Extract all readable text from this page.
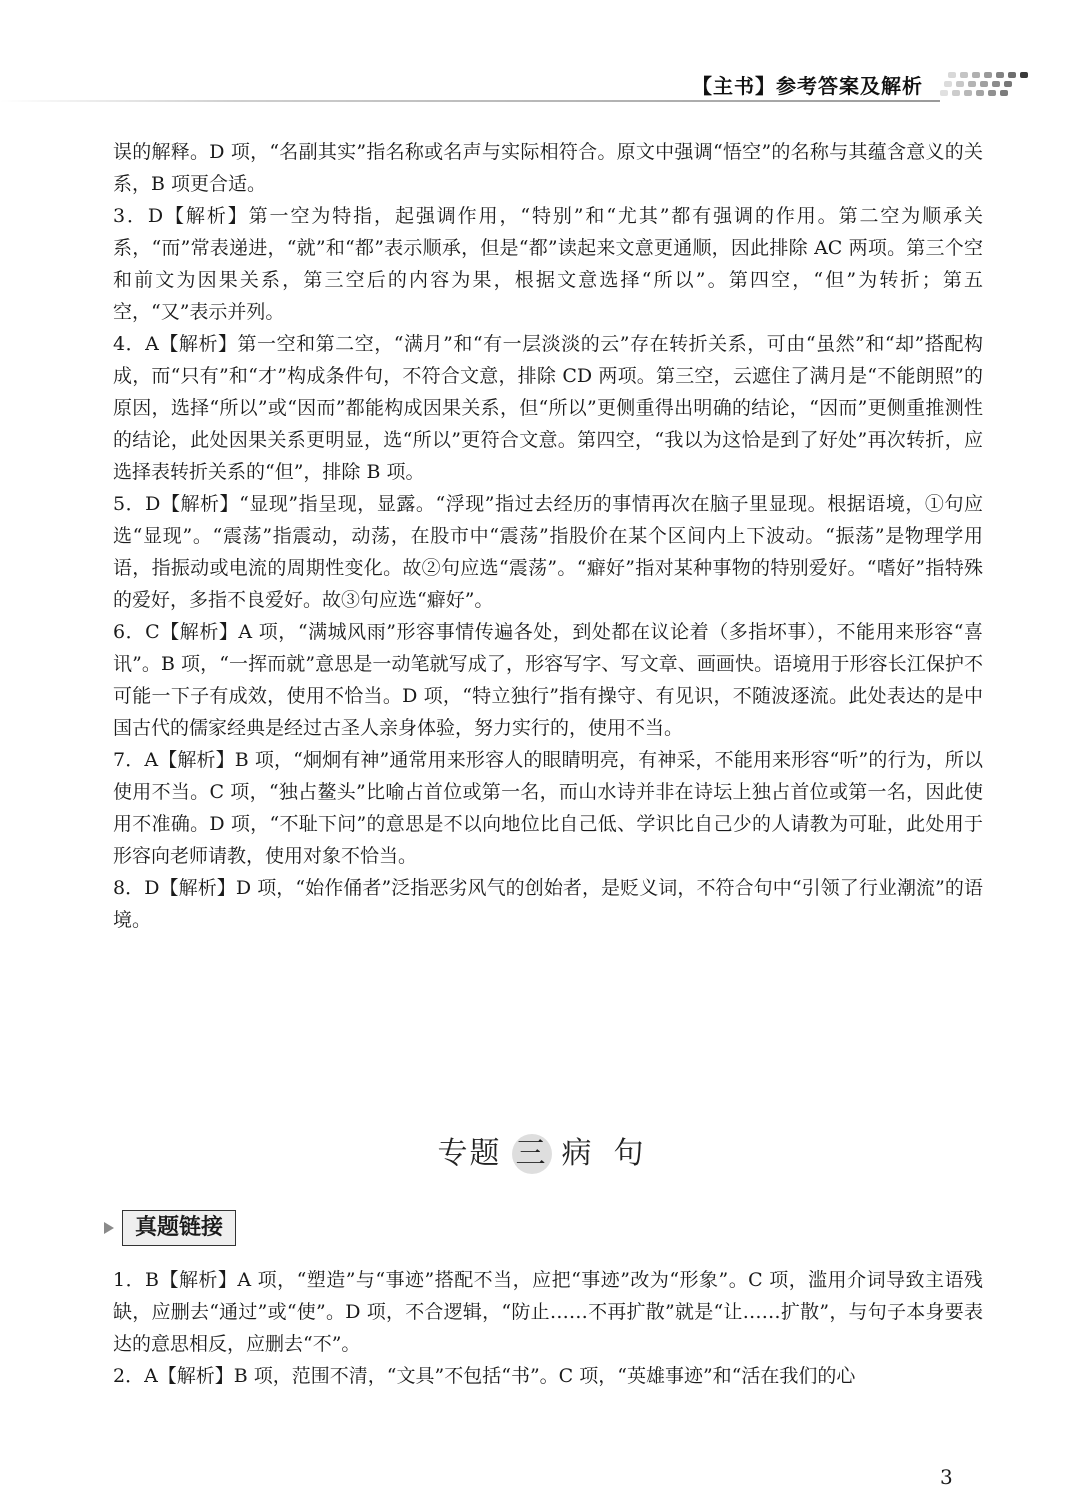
【主书】参考答案及解析

误的解释。D 项，“名副其实”指名称或名声与实际相符合。原文中强调“悟空”的名称与其蕴含意义的关系，B 项更合适。

3．D【解析】第一空为特指，起强调作用，“特别”和“尤其”都有强调的作用。第二空为顺承关系，“而”常表递进，“就”和“都”表示顺承，但是“都”读起来文意更通顺，因此排除 AC 两项。第三个空和前文为因果关系，第三空后的内容为果，根据文意选择“所以”。第四空，“但”为转折；第五空，“又”表示并列。

4．A【解析】第一空和第二空，“满月”和“有一层淡淡的云”存在转折关系，可由“虽然”和“却”搭配构成，而“只有”和“才”构成条件句，不符合文意，排除 CD 两项。第三空，云遮住了满月是“不能朗照”的原因，选择“所以”或“因而”都能构成因果关系，但“所以”更侧重得出明确的结论，“因而”更侧重推测性的结论，此处因果关系更明显，选“所以”更符合文意。第四空，“我以为这恰是到了好处”再次转折，应选择表转折关系的“但”，排除 B 项。

5．D【解析】“显现”指呈现，显露。“浮现”指过去经历的事情再次在脑子里显现。根据语境，①句应选“显现”。“震荡”指震动，动荡，在股市中“震荡”指股价在某个区间内上下波动。“振荡”是物理学用语，指振动或电流的周期性变化。故②句应选“震荡”。“癖好”指对某种事物的特别爱好。“嗜好”指特殊的爱好，多指不良爱好。故③句应选“癖好”。

6．C【解析】A 项，“满城风雨”形容事情传遍各处，到处都在议论着（多指坏事），不能用来形容“喜讯”。B 项，“一挥而就”意思是一动笔就写成了，形容写字、写文章、画画快。语境用于形容长江保护不可能一下子有成效，使用不恰当。D 项，“特立独行”指有操守、有见识，不随波逐流。此处表达的是中国古代的儒家经典是经过古圣人亲身体验，努力实行的，使用不当。

7．A【解析】B 项，“炯炯有神”通常用来形容人的眼睛明亮，有神采，不能用来形容“听”的行为，所以使用不当。C 项，“独占鳌头”比喻占首位或第一名，而山水诗并非在诗坛上独占首位或第一名，因此使用不准确。D 项，“不耻下问”的意思是不以向地位比自己低、学识比自己少的人请教为可耻，此处用于形容向老师请教，使用对象不恰当。

8．D【解析】D 项，“始作俑者”泛指恶劣风气的创始者，是贬义词，不符合句中“引领了行业潮流”的语境。

专题 三 病 句
真题链接

1．B【解析】A 项，“塑造”与“事迹”搭配不当，应把“事迹”改为“形象”。C 项，滥用介词导致主语残缺，应删去“通过”或“使”。D 项，不合逻辑，“防止……不再扩散”就是“让……扩散”，与句子本身要表达的意思相反，应删去“不”。

2．A【解析】B 项，范围不清，“文具”不包括“书”。C 项，“英雄事迹”和“活在我们的心

3
